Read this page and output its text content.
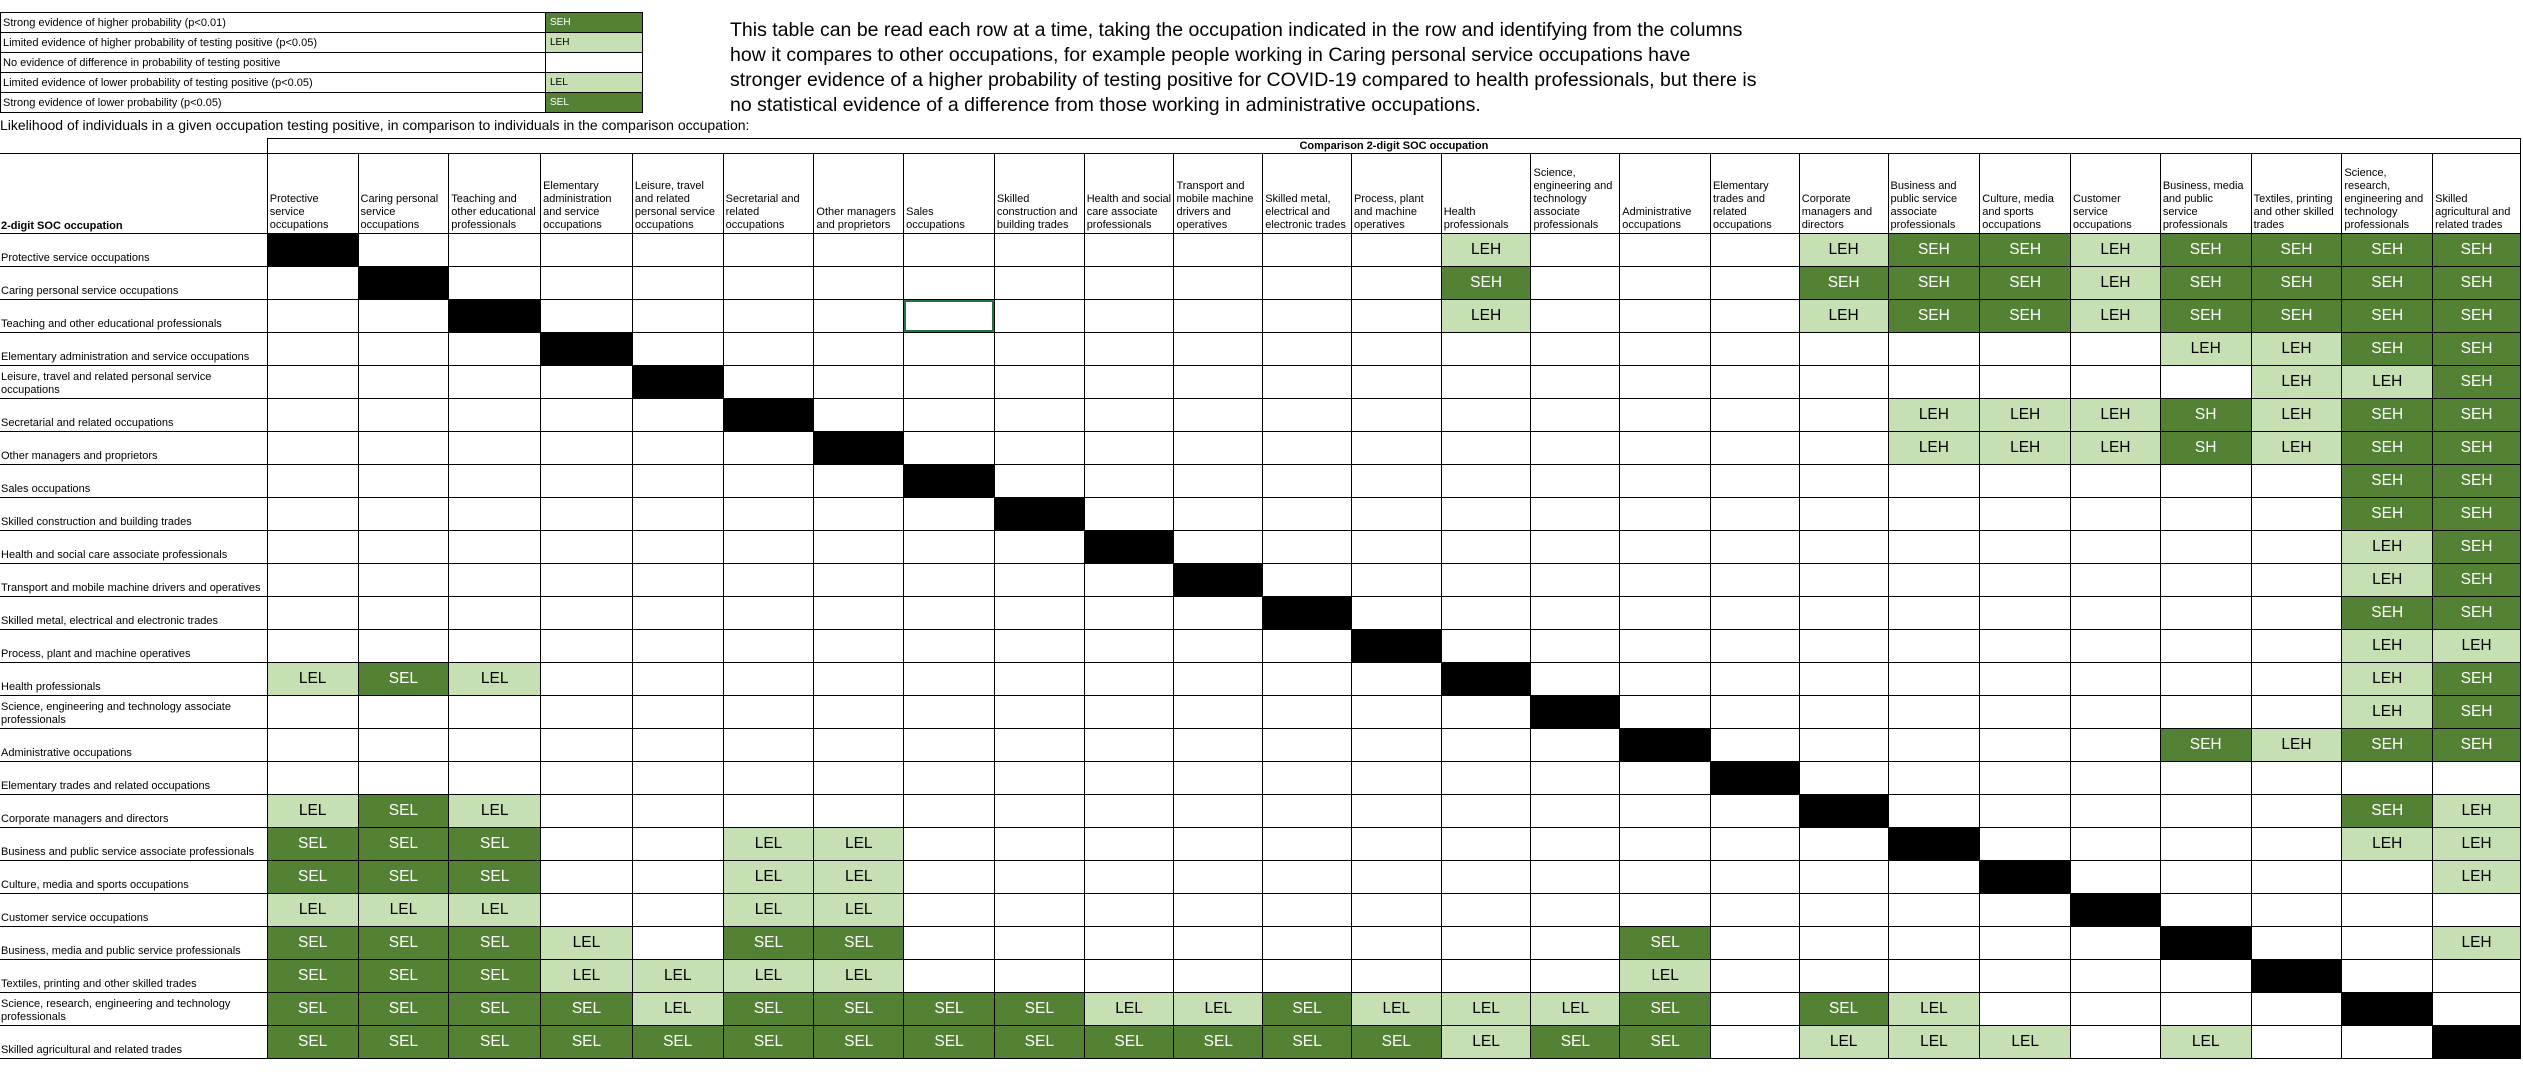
Strong evidence of higher probability (p<0.01)	SEH
Limited evidence of higher probability of testing positive (p<0.05)	LEH
No evidence of difference in probability of testing positive	
Limited evidence of lower probability of testing positive (p<0.05)	LEL
Strong evidence of lower probability (p<0.05)	SEL
This table can be read each row at a time, taking the occupation indicated in the row and identifying from the columns how it compares to other occupations, for example people working in Caring personal service occupations have stronger evidence of a higher probability of testing positive for COVID-19 compared to health professionals, but there is no statistical evidence of a difference from those working in administrative occupations.
Likelihood of individuals in a given occupation testing positive, in comparison to individuals in the comparison occupation:
	Comparison 2-digit SOC occupation																								
2-digit SOC occupation	Protective service occupations	Caring personal service occupations	Teaching and other educational professionals	Elementary administration and service occupations	Leisure, travel and related personal service occupations	Secretarial and related occupations	Other managers and proprietors	Sales occupations	Skilled construction and building trades	Health and social care associate professionals	Transport and mobile machine drivers and operatives	Skilled metal, electrical and electronic trades	Process, plant and machine operatives	Health professionals	Science, engineering and technology associate professionals	Administrative occupations	Elementary trades and related occupations	Corporate managers and directors	Business and public service associate professionals	Culture, media and sports occupations	Customer service occupations	Business, media and public service professionals	Textiles, printing and other skilled trades	Science, research, engineering and technology professionals	Skilled agricultural and related trades
Protective service occupations														LEH				LEH	SEH	SEH	LEH	SEH	SEH	SEH	SEH
Caring personal service occupations														SEH				SEH	SEH	SEH	LEH	SEH	SEH	SEH	SEH
Teaching and other educational professionals														LEH				LEH	SEH	SEH	LEH	SEH	SEH	SEH	SEH
Elementary administration and service occupations																						LEH	LEH	SEH	SEH
Leisure, travel and related personal service occupations																							LEH	LEH	SEH
Secretarial and related occupations																			LEH	LEH	LEH	SH	LEH	SEH	SEH
Other managers and proprietors																			LEH	LEH	LEH	SH	LEH	SEH	SEH
Sales occupations																								SEH	SEH
Skilled construction and building trades																								SEH	SEH
Health and social care associate professionals																								LEH	SEH
Transport and mobile machine drivers and operatives																								LEH	SEH
Skilled metal, electrical and electronic trades																								SEH	SEH
Process, plant and machine operatives																								LEH	LEH
Health professionals	LEL	SEL	LEL																					LEH	SEH
Science, engineering and technology associate professionals																								LEH	SEH
Administrative occupations																						SEH	LEH	SEH	SEH
Elementary trades and related occupations																									
Corporate managers and directors	LEL	SEL	LEL																					SEH	LEH
Business and public service associate professionals	SEL	SEL	SEL			LEL	LEL																	LEH	LEH
Culture, media and sports occupations	SEL	SEL	SEL			LEL	LEL																		LEH
Customer service occupations	LEL	LEL	LEL			LEL	LEL																		
Business, media and public service professionals	SEL	SEL	SEL	LEL		SEL	SEL									SEL									LEH
Textiles, printing and other skilled trades	SEL	SEL	SEL	LEL	LEL	LEL	LEL									LEL									
Science, research, engineering and technology professionals	SEL	SEL	SEL	SEL	LEL	SEL	SEL	SEL	SEL	LEL	LEL	SEL	LEL	LEL	LEL	SEL		SEL	LEL						
Skilled agricultural and related trades	SEL	SEL	SEL	SEL	SEL	SEL	SEL	SEL	SEL	SEL	SEL	SEL	SEL	LEL	SEL	SEL		LEL	LEL	LEL		LEL			
